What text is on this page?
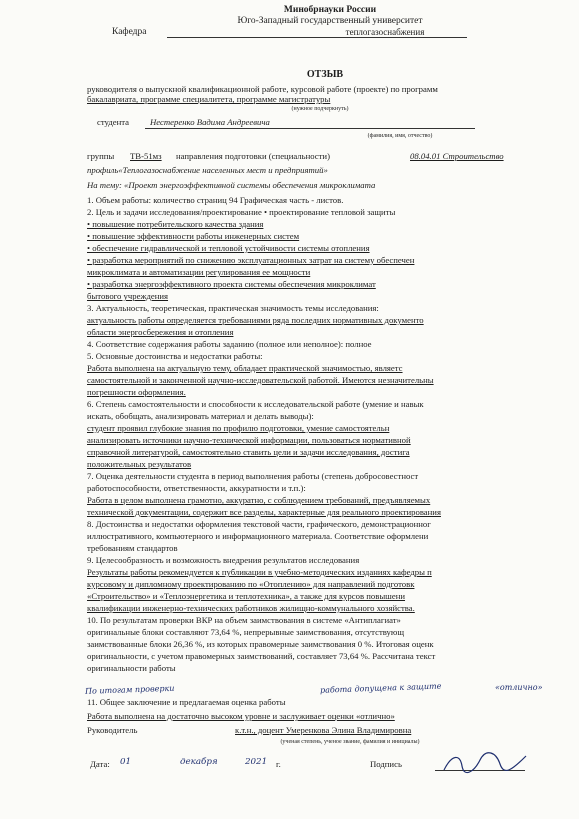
Минобрнауки России
Юго-Западный государственный университет
Кафедра	теплогазоснабжения
ОТЗЫВ
руководителя о выпускной квалификационной работе, курсовой работе (проекте) по программ
бакалавриата, программе специалитета, программе магистратуры
(нужное подчеркнуть)
студента	Нестеренко Вадима Андреевича
(фамилия, имя, отчество)
группы	ТВ-51мз	направления подготовки (специальности)	08.04.01 Строительство
профиль«Теплогазоснабжение населенных мест и предприятий»
На тему: «Проект энергоэффективной системы обеспечения микроклимата
1. Объем работы: количество страниц 94 Графическая часть - листов.
2. Цель и задачи исследования/проектирование • проектирование тепловой защиты
• повышение потребительского качества здания
• повышение эффективности работы инженерных систем
• обеспечение гидравлической и тепловой устойчивости системы отопления
• разработка мероприятий по снижению эксплуатационных затрат на систему обеспечен
микроклимата и автоматизации регулирования ее мощности
• разработка энергоэффективного проекта системы обеспечения микроклимат
бытового учреждения
3. Актуальность, теоретическая, практическая значимость темы исследования:
актуальность работы определяется требованиями ряда последних нормативных документо
области энергосбережения и отопления
4. Соответствие содержания работы заданию (полное или неполное): полное
5. Основные достоинства и недостатки работы:
Работа выполнена на актуальную тему, обладает практической значимостью, являетс
самостоятельной и законченной научно-исследовательской работой. Имеются незначительны
погрешности оформления.
6. Степень самостоятельности и способности к исследовательской работе (умение и навык
искать, обобщать, анализировать материал и делать выводы):
студент проявил глубокие знания по профилю подготовки, умение самостоятельн
анализировать источники научно-технической информации, пользоваться нормативной
справочной литературой, самостоятельно ставить цели и задачи исследования, достига
положительных результатов
7. Оценка деятельности студента в период выполнения работы (степень добросовестност
работоспособности, ответственности, аккуратности и т.п.):
Работа в целом выполнена грамотно, аккуратно, с соблюдением требований, предъявляемых
технической документации, содержит все разделы, характерные для реального проектирования
8. Достоинства и недостатки оформления текстовой части, графического, демонстрационног
иллюстративного, компьютерного и информационного материала. Соответствие оформлени
требованиям стандартов
9. Целесообразность и возможность внедрения результатов исследования
Результаты работы рекомендуется к публикации в учебно-методических изданиях кафедры п
курсовому и дипломному проектированию по «Отоплению» для направлений подготовк
«Строительство» и «Теплоэнергетика и теплотехника», а также для курсов повышени
квалификации инженерно-технических работников жилищно-коммунального хозяйства.
10. По результатам проверки ВКР на объем заимствования в системе «Антиплагиат»
оригинальные блоки составляют 73,64 %, непрерывные заимствования, отсутствующ
заимствованные блоки 26,36 %, из которых правомерные заимствования 0 %. Итоговая оценк
оригинальности, с учетом правомерных заимствований, составляет 73,64 %. Рассчитана текст
оригинальности работы
По итогам проверки	работа допущена к защите	«отлично»
11. Общее заключение и предлагаемая оценка работы
Работа выполнена на достаточно высоком уровне и заслуживает оценки «отлично»
Руководитель	к.т.н., доцент Умеренкова Элина Владимировна
(ученая степень, ученое звание, фамилия и инициалы)
Дата:	01	декабря	2021	г.	Подпись
